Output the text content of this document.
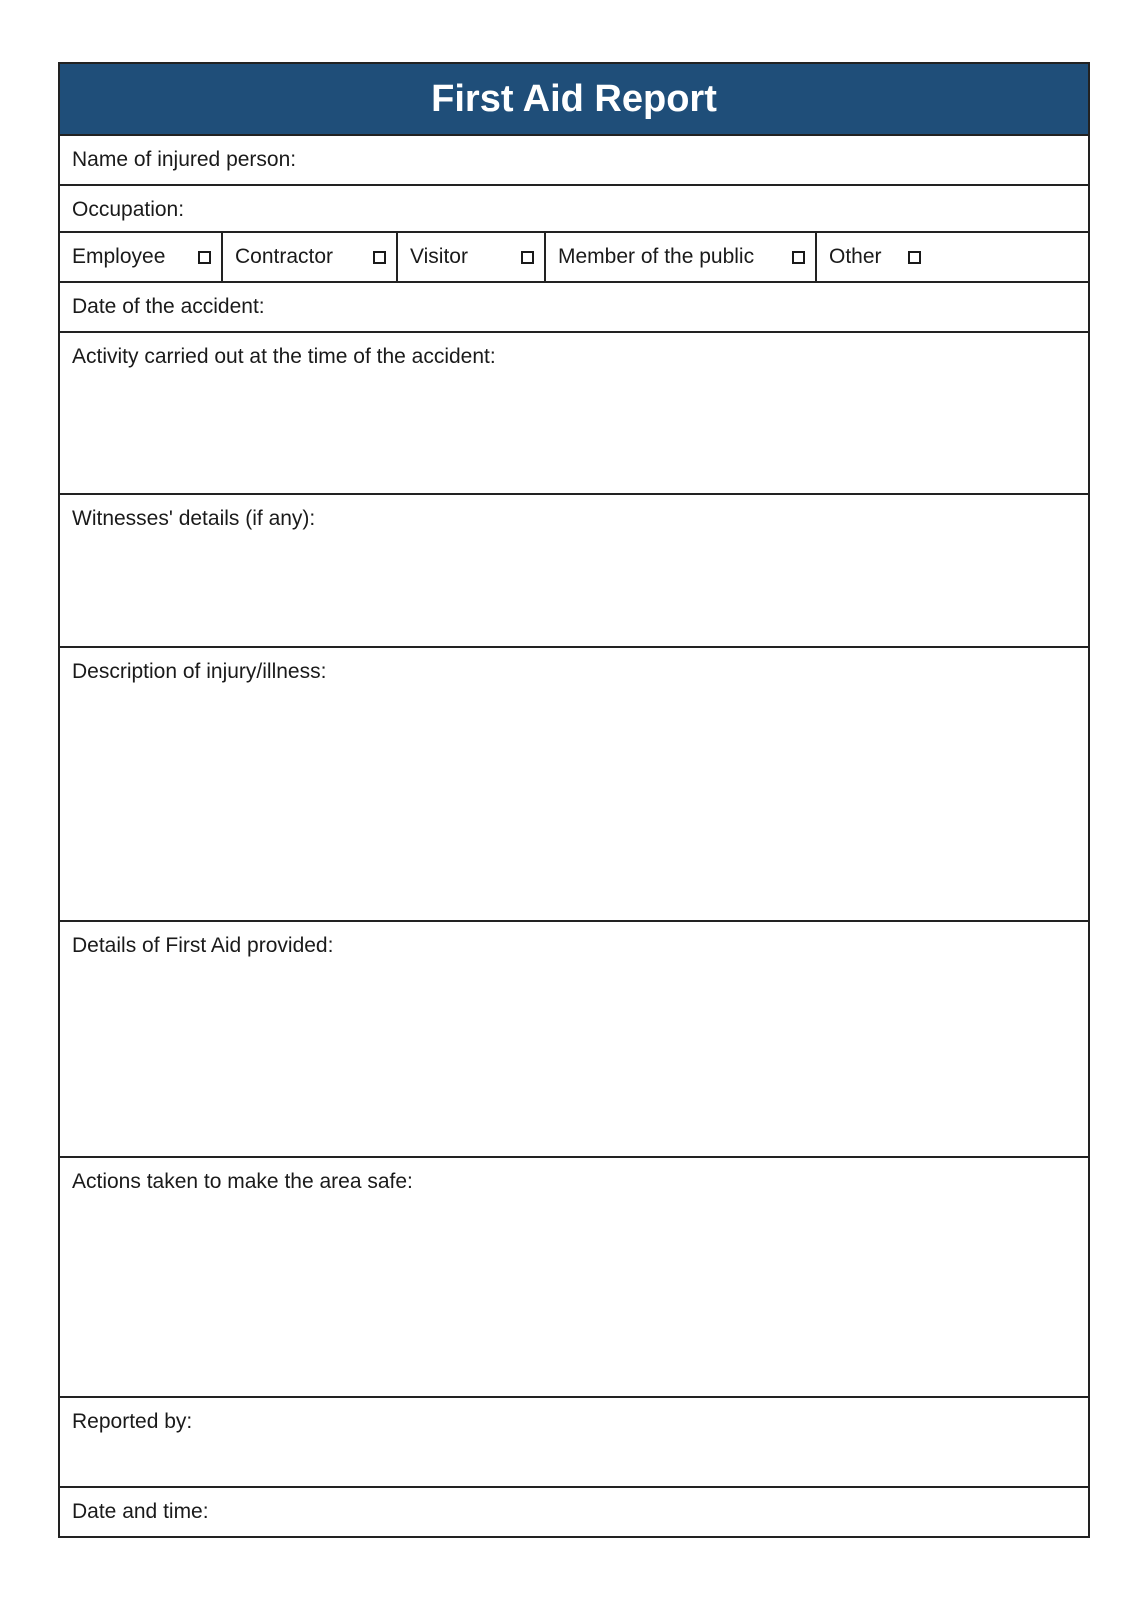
First Aid Report
Name of injured person:
Occupation:
Employee	Contractor	Visitor	Member of the public	Other
Date of the accident:
Activity carried out at the time of the accident:
Witnesses' details (if any):
Description of injury/illness:
Details of First Aid provided:
Actions taken to make the area safe:
Reported by:
Date and time:
